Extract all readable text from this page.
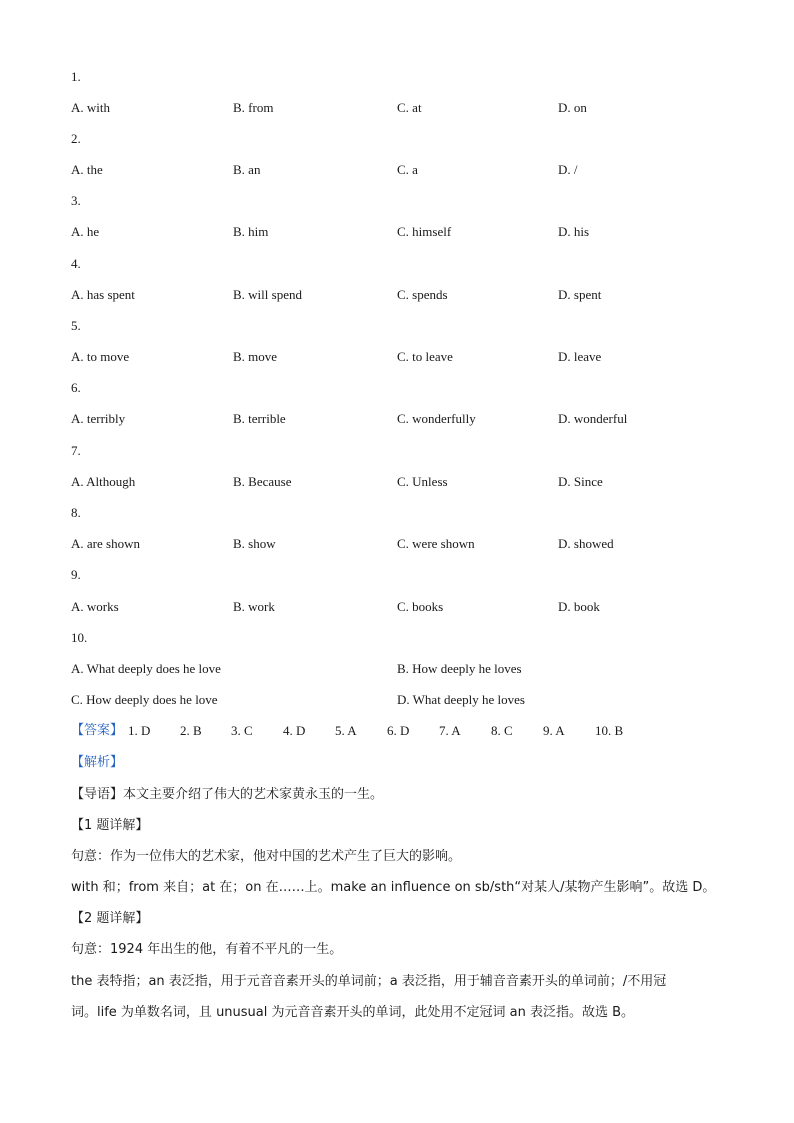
1.
A. with	B. from	C. at	D. on
2.
A. the	B. an	C. a	D. /
3.
A. he	B. him	C. himself	D. his
4.
A. has spent	B. will spend	C. spends	D. spent
5.
A. to move	B. move	C. to leave	D. leave
6.
A. terribly	B. terrible	C. wonderfully	D. wonderful
7.
A. Although	B. Because	C. Unless	D. Since
8.
A. are shown	B. show	C. were shown	D. showed
9.
A. works	B. work	C. books	D. book
10.
A. What deeply does he love	B. How deeply he loves
C. How deeply does he love	D. What deeply he loves
【答案】 1. D 2. B 3. C 4. D 5. A 6. D 7. A 8. C 9. A 10. B
【解析】
【导语】本文主要介绍了伟大的艺术家黄永玉的一生。
【1 题详解】
句意：作为一位伟大的艺术家，他对中国的艺术产生了巨大的影响。
with 和；from 来自；at 在；on 在……上。make an influence on sb/sth“对某人/某物产生影响”。故选 D。
【2 题详解】
句意：1924 年出生的他，有着不平凡的一生。
the 表特指；an 表泛指，用于元音音素开头的单词前；a 表泛指，用于辅音音素开头的单词前；/不用冠
词。life 为单数名词，且 unusual 为元音音素开头的单词，此处用不定冠词 an 表泛指。故选 B。
